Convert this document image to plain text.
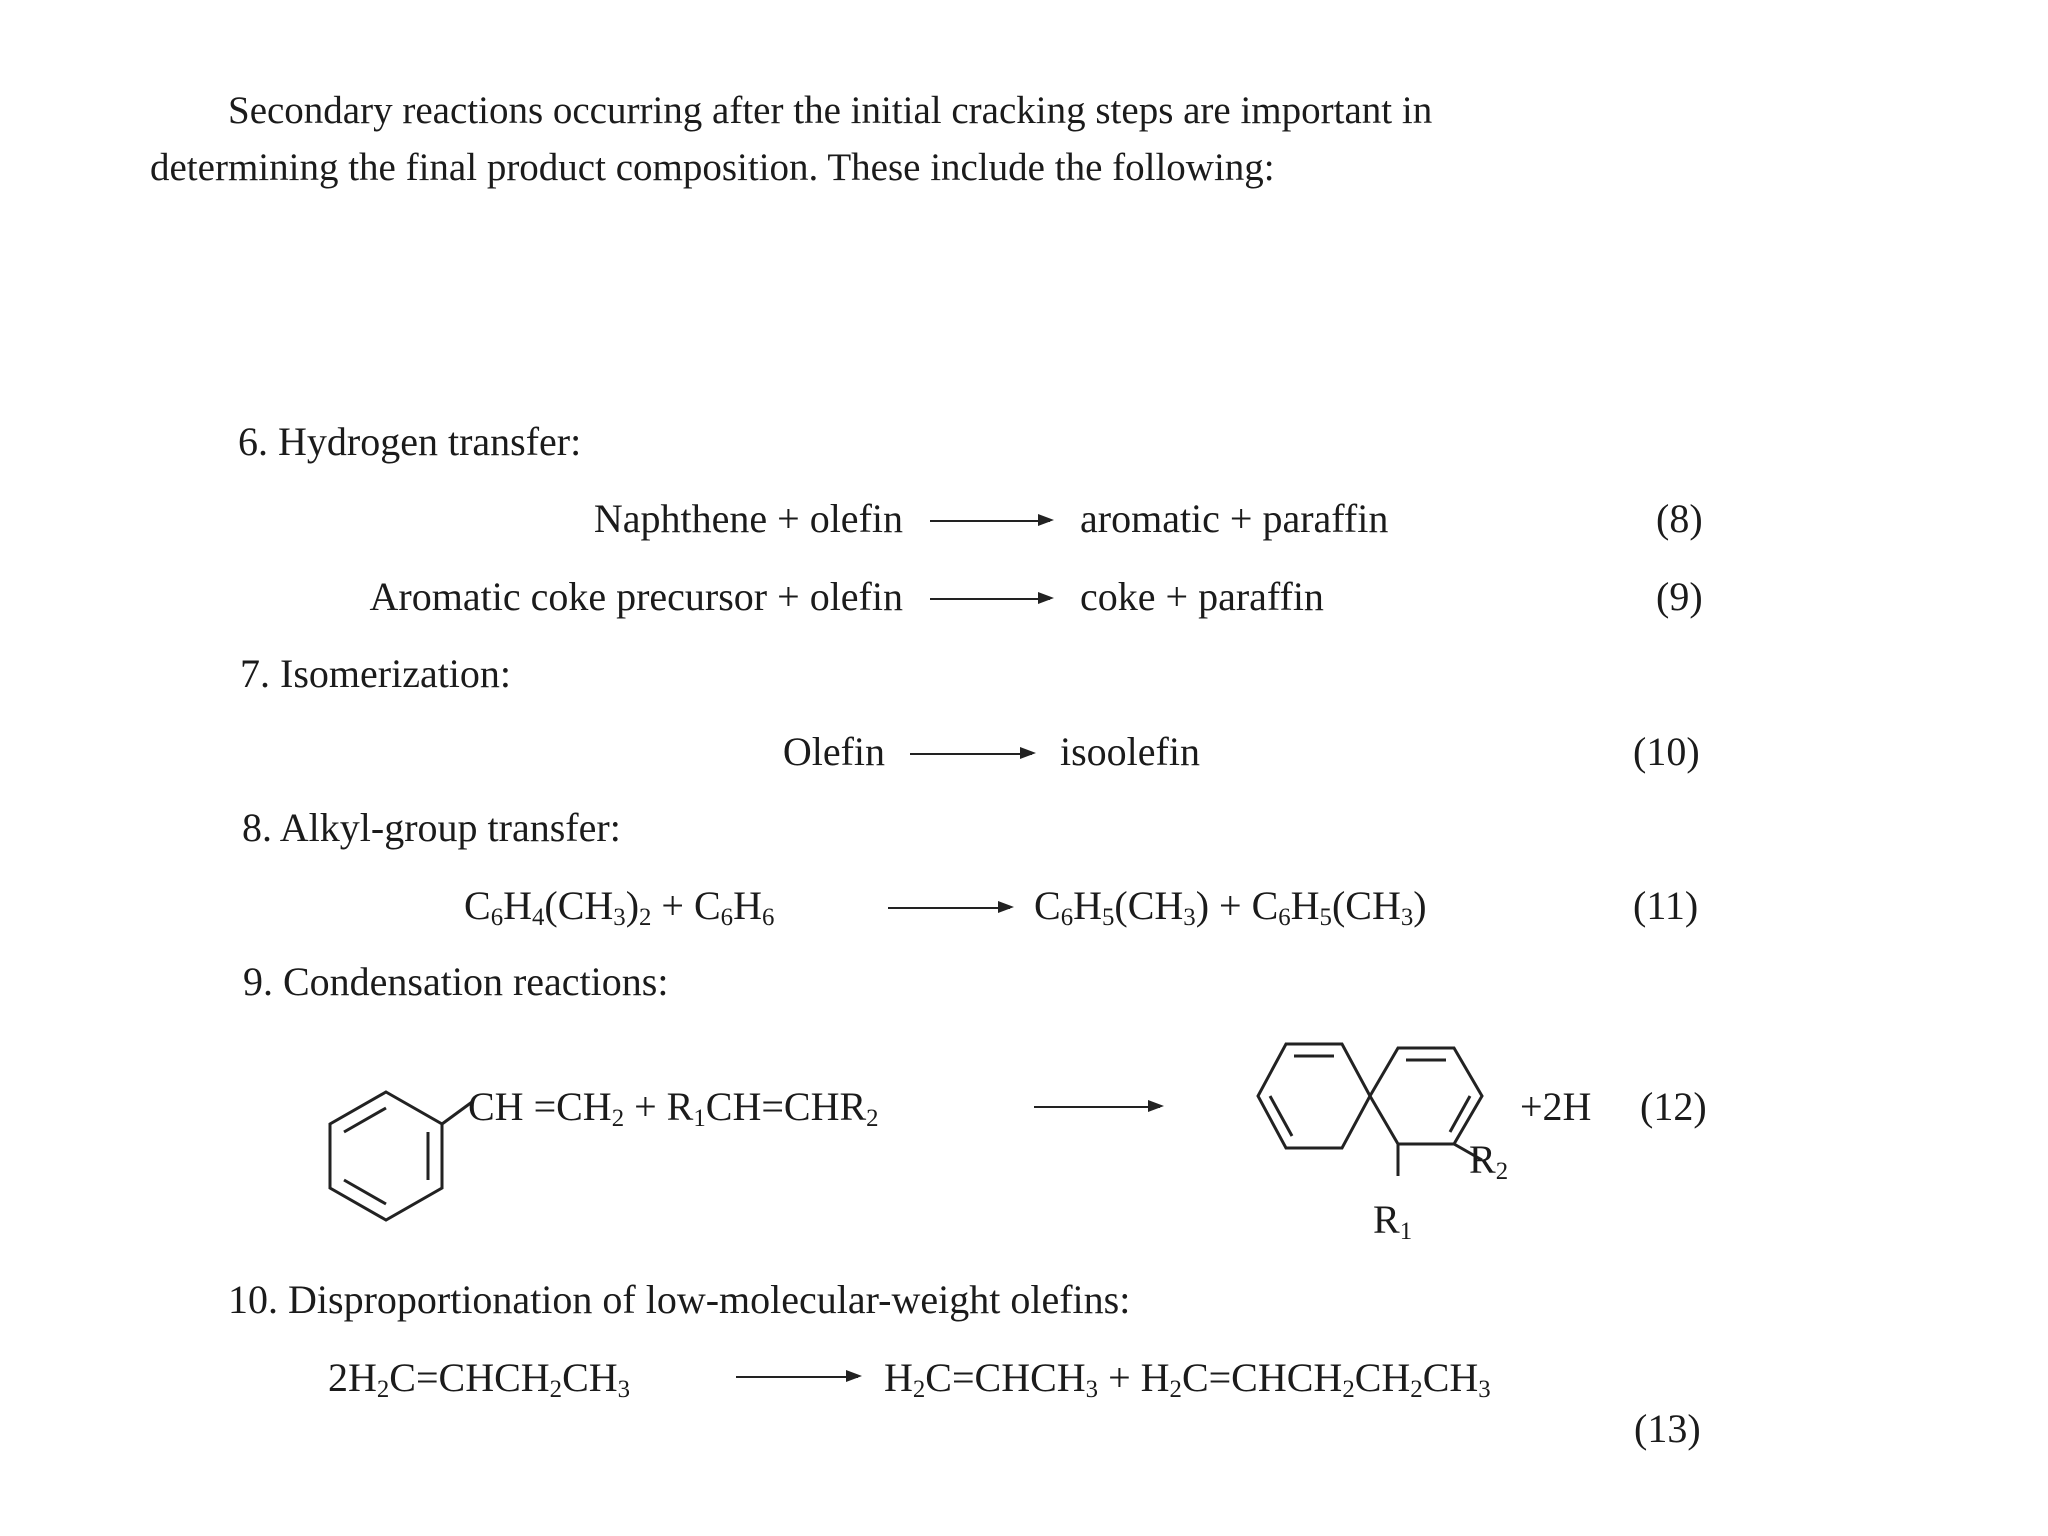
Secondary reactions occurring after the initial cracking steps are important in
determining the final product composition. These include the following:
6. Hydrogen transfer:
Naphthene + olefin	aromatic + paraffin	(8)
Aromatic coke precursor + olefin	coke + paraffin	(9)
7. Isomerization:
Olefin	isoolefin	(10)
8. Alkyl-group transfer:
$C_6H_4(CH_3)_2 + C_6H_6$	$C_6H_5(CH_3) + C_6H_5(CH_3)$	(11)
9. Condensation reactions:
CH $=CH_2 + R_1CH=CHR_2$
$R_2$
$R_1$
+2H (12)
10. Disproportionation of low-molecular-weight olefins:
$2H_2C=CHCH_2CH_3$	$H_2C=CHCH_3$ + $H_2C=CHCH_2CH_2CH_3$
(13)
